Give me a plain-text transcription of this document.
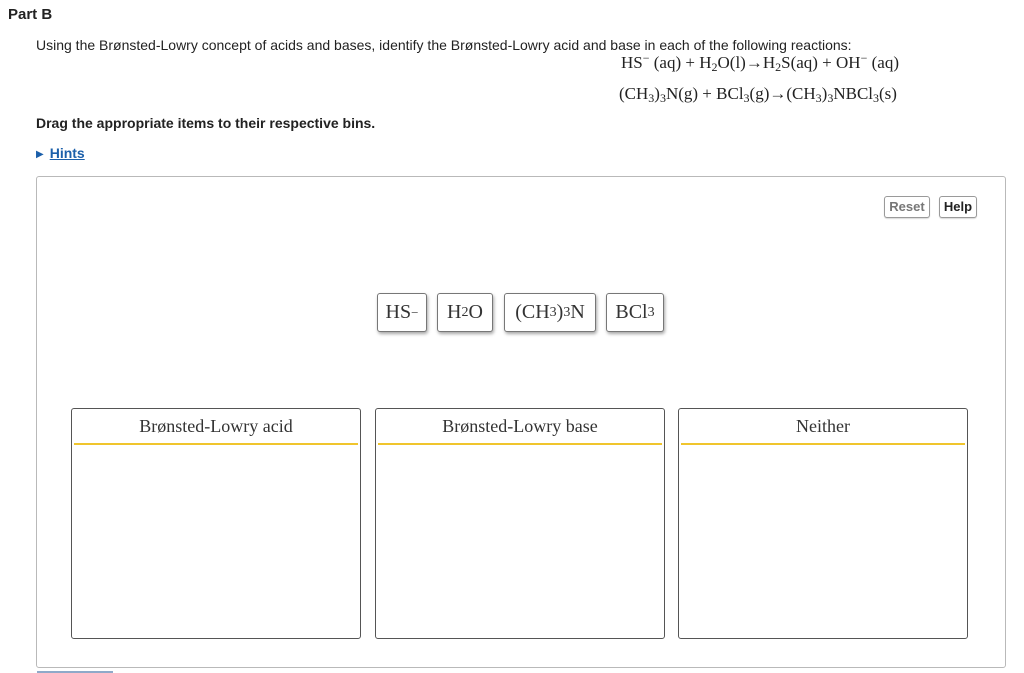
Part B
Using the Brønsted-Lowry concept of acids and bases, identify the Brønsted-Lowry acid and base in each of the following reactions:
HS− $(aq) + H_2O(l)\to H_2S(aq) + OH^-$ (aq)
$(CH_3)_3N(g)$ + $BCl_3(g)\to(CH_3)_3NBCl_3(s)$
Drag the appropriate items to their respective bins.
▶ Hints
Reset	Help
HS − H 2 O (CH 3 ) 3 N BCl 3
Brønsted-Lowry acid	Brønsted-Lowry base	Neither
